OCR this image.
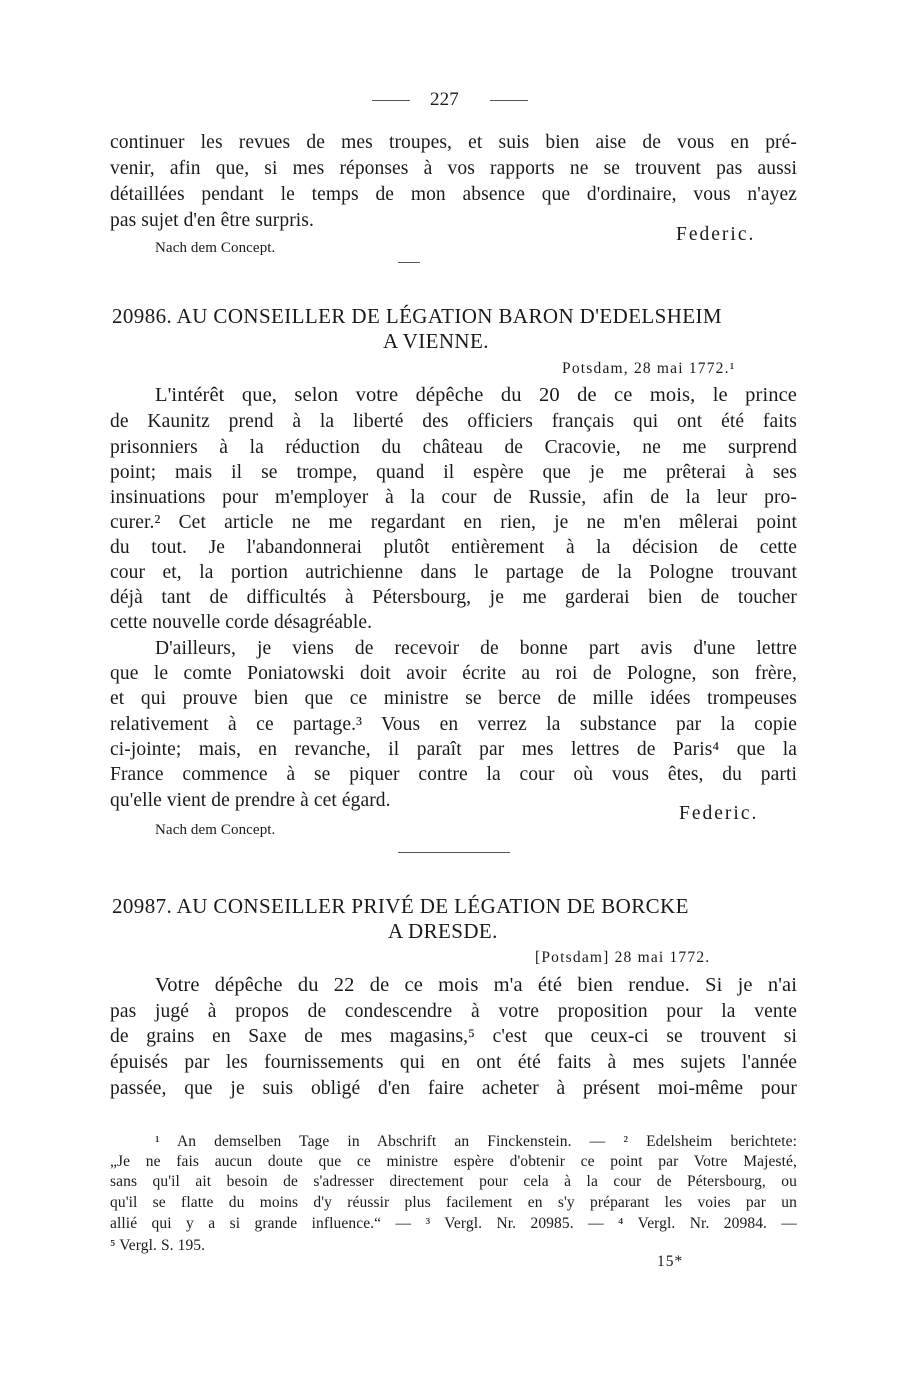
227
continuer les revues de mes troupes, et suis bien aise de vous en pré-
venir, afin que, si mes réponses à vos rapports ne se trouvent pas aussi
détaillées pendant le temps de mon absence que d'ordinaire, vous n'ayez
pas sujet d'en être surpris.
Federic.
Nach dem Concept.
20986. AU CONSEILLER DE LÉGATION BARON D'EDELSHEIM
A VIENNE.
Potsdam, 28 mai 1772.¹
L'intérêt que, selon votre dépêche du 20 de ce mois, le prince
de Kaunitz prend à la liberté des officiers français qui ont été faits
prisonniers à la réduction du château de Cracovie, ne me surprend
point; mais il se trompe, quand il espère que je me prêterai à ses
insinuations pour m'employer à la cour de Russie, afin de la leur pro-
curer.² Cet article ne me regardant en rien, je ne m'en mêlerai point
du tout. Je l'abandonnerai plutôt entièrement à la décision de cette
cour et, la portion autrichienne dans le partage de la Pologne trouvant
déjà tant de difficultés à Pétersbourg, je me garderai bien de toucher
cette nouvelle corde désagréable.
D'ailleurs, je viens de recevoir de bonne part avis d'une lettre
que le comte Poniatowski doit avoir écrite au roi de Pologne, son frère,
et qui prouve bien que ce ministre se berce de mille idées trompeuses
relativement à ce partage.³ Vous en verrez la substance par la copie
ci-jointe; mais, en revanche, il paraît par mes lettres de Paris⁴ que la
France commence à se piquer contre la cour où vous êtes, du parti
qu'elle vient de prendre à cet égard.
Federic.
Nach dem Concept.
20987. AU CONSEILLER PRIVÉ DE LÉGATION DE BORCKE
A DRESDE.
[Potsdam] 28 mai 1772.
Votre dépêche du 22 de ce mois m'a été bien rendue. Si je n'ai
pas jugé à propos de condescendre à votre proposition pour la vente
de grains en Saxe de mes magasins,⁵ c'est que ceux-ci se trouvent si
épuisés par les fournissements qui en ont été faits à mes sujets l'année
passée, que je suis obligé d'en faire acheter à présent moi-même pour
¹ An demselben Tage in Abschrift an Finckenstein. — ² Edelsheim berichtete:
„Je ne fais aucun doute que ce ministre espère d'obtenir ce point par Votre Majesté,
sans qu'il ait besoin de s'adresser directement pour cela à la cour de Pétersbourg, ou
qu'il se flatte du moins d'y réussir plus facilement en s'y préparant les voies par un
allié qui y a si grande influence.“ — ³ Vergl. Nr. 20985. — ⁴ Vergl. Nr. 20984. —
⁵ Vergl. S. 195.
15*
